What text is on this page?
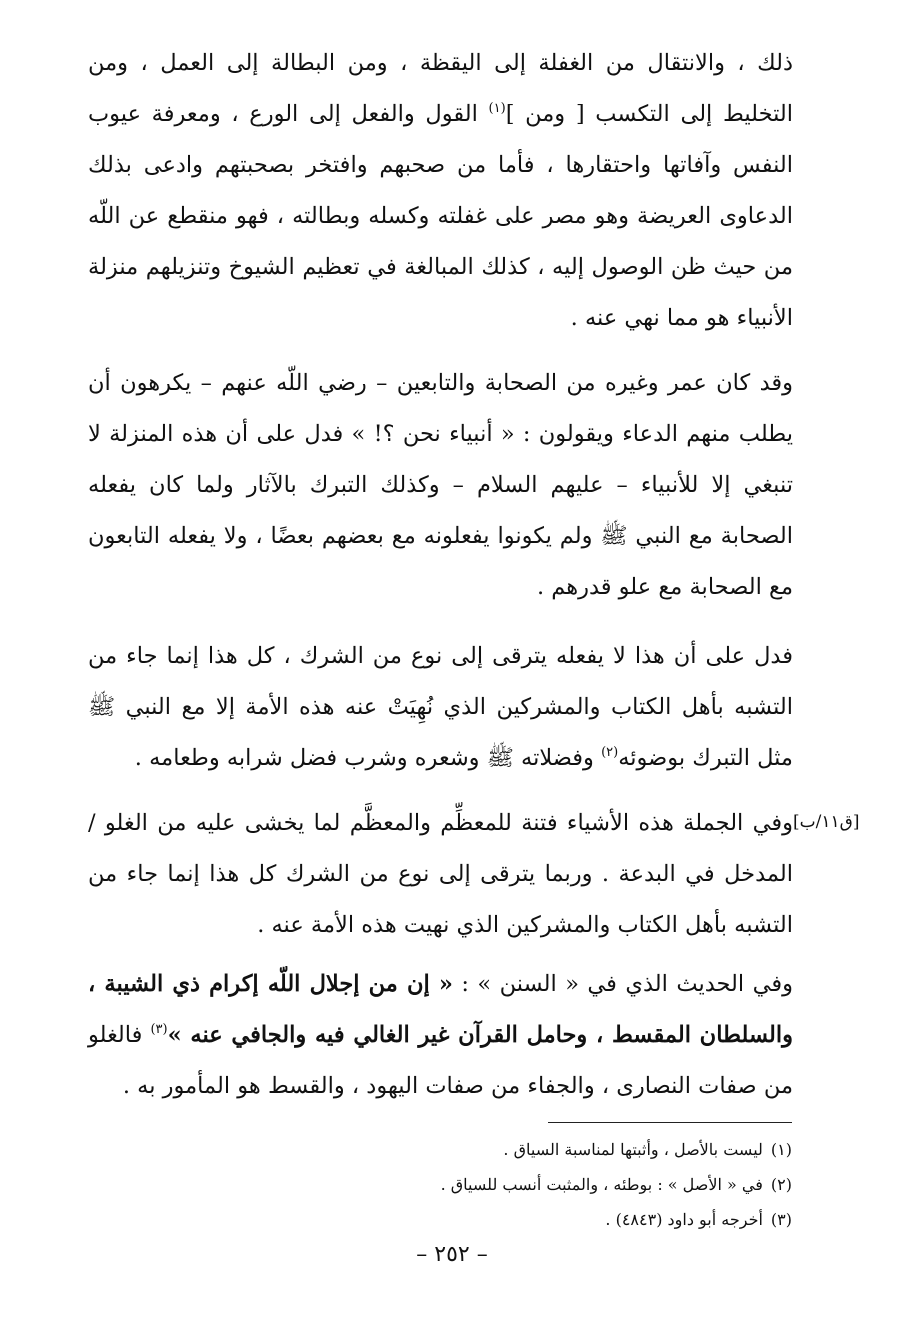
ذلك ، والانتقال من الغفلة إلى اليقظة ، ومن البطالة إلى العمل ، ومن التخليط إلى التكسب [ ومن ]$^{(١)}$ القول والفعل إلى الورع ، ومعرفة عيوب النفس وآفاتها واحتقارها ، فأما من صحبهم وافتخر بصحبتهم وادعى بذلك الدعاوى العريضة وهو مصر على غفلته وكسله وبطالته ، فهو منقطع عن اللّه من حيث ظن الوصول إليه ، كذلك المبالغة في تعظيم الشيوخ وتنزيلهم منزلة الأنبياء هو مما نهي عنه .

وقد كان عمر وغيره من الصحابة والتابعين – رضي اللّه عنهم – يكرهون أن يطلب منهم الدعاء ويقولون : « أنبياء نحن ؟! » فدل على أن هذه المنزلة لا تنبغي إلا للأنبياء – عليهم السلام – وكذلك التبرك بالآثار ولما كان يفعله الصحابة مع النبي ﷺ ولم يكونوا يفعلونه مع بعضهم بعضًا ، ولا يفعله التابعون مع الصحابة مع علو قدرهم .

فدل على أن هذا لا يفعله يترقى إلى نوع من الشرك ، كل هذا إنما جاء من التشبه بأهل الكتاب والمشركين الذي نُهِيَتْ عنه هذه الأمة إلا مع النبي ﷺ مثل التبرك بوضوئه$^{(٢)}$ وفضلاته ﷺ وشعره وشرب فضل شرابه وطعامه .

وفي الجملة هذه الأشياء فتنة للمعظِّم والمعظَّم لما يخشى عليه من الغلو / المدخل في البدعة . وربما يترقى إلى نوع من الشرك كل هذا إنما جاء من التشبه بأهل الكتاب والمشركين الذي نهيت هذه الأمة عنه .

وفي الحديث الذي في « السنن » : « إن من إجلال اللّه إكرام ذي الشيبة ، والسلطان المقسط ، وحامل القرآن غير الغالي فيه والجافي عنه »$^{(٣)}$ فالغلو من صفات النصارى ، والجفاء من صفات اليهود ، والقسط هو المأمور به .

[ق١١/ب]
(١)ليست بالأصل ، وأثبتها لمناسبة السياق .
(٢)في « الأصل » : بوطئه ، والمثبت أنسب للسياق .
(٣)أخرجه أبو داود (٤٨٤٣) .
– ٢٥٢ –
